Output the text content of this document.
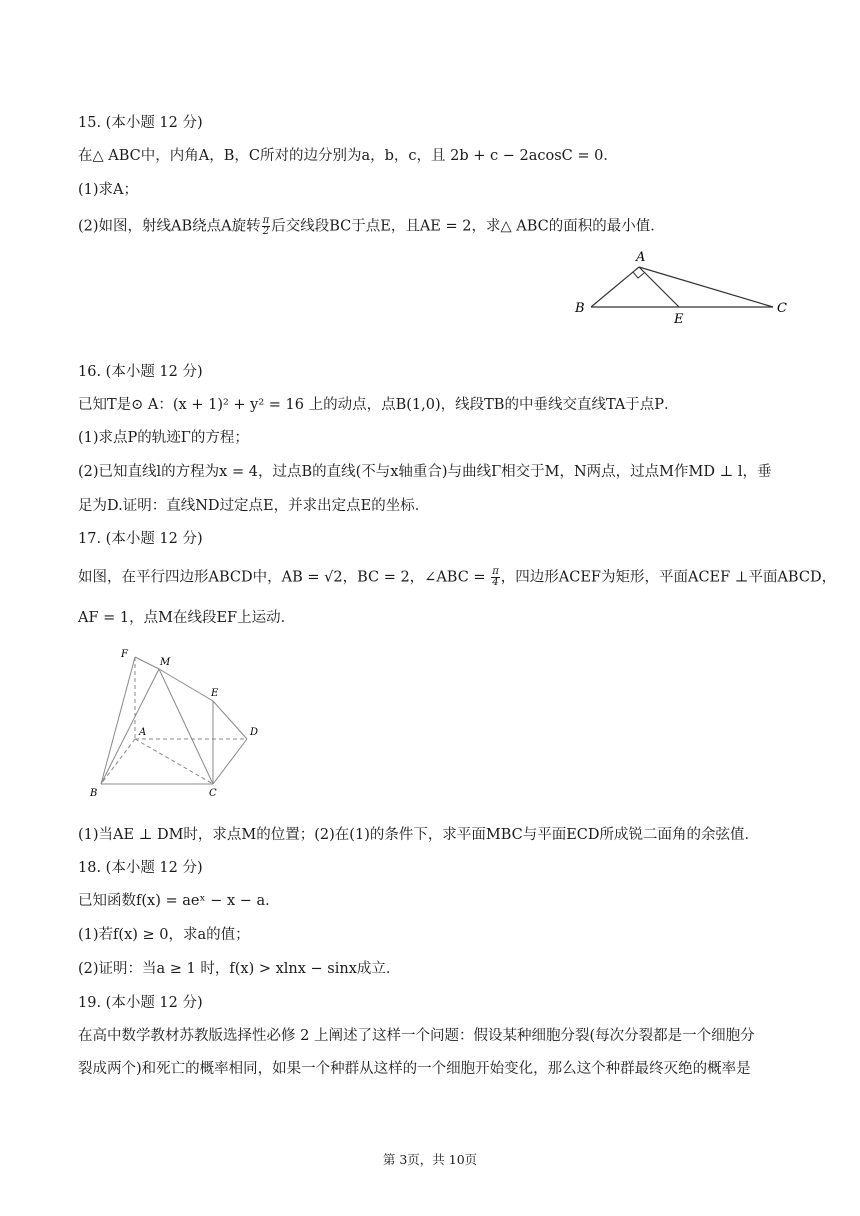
15. (本小题 12 分)
在△ ABC中，内角A，B，C所对的边分别为a，b，c，且 2b + c − 2acosC = 0．
(1)求A；
(2)如图，射线AB绕点A旋转 $\frac{\pi}{2}$ 后交线段BC于点E，且AE = 2，求△ ABC的面积的最小值．
A
B	C
E
16. (本小题 12 分)
已知T是⊙ A：(x + 1)² + y² = 16 上的动点，点B(1,0)，线段TB的中垂线交直线TA于点P．
(1)求点P的轨迹Γ的方程；
(2)已知直线l的方程为x = 4，过点B的直线(不与x轴重合)与曲线Γ相交于M，N两点，过点M作MD ⊥ l，垂
足为D.证明：直线ND过定点E，并求出定点E的坐标．
17. (本小题 12 分)
如图，在平行四边形ABCD中，AB = √2，BC = 2，∠ABC = $\frac{\pi}{4}$ ，四边形ACEF为矩形，平面ACEF ⊥平面ABCD，
AF = 1，点M在线段EF上运动．
F
M
E
A	D
B	C
(1)当AE ⊥ DM时，求点M的位置；(2)在(1)的条件下，求平面MBC与平面ECD所成锐二面角的余弦值．
18. (本小题 12 分)
已知函数f(x) = aeˣ − x − a．
(1)若f(x) ≥ 0，求a的值；
(2)证明：当a ≥ 1 时，f(x) > xlnx − sinx成立．
19. (本小题 12 分)
在高中数学教材苏教版选择性必修 2 上阐述了这样一个问题：假设某种细胞分裂(每次分裂都是一个细胞分
裂成两个)和死亡的概率相同，如果一个种群从这样的一个细胞开始变化，那么这个种群最终灭绝的概率是
第 3页，共 10页
